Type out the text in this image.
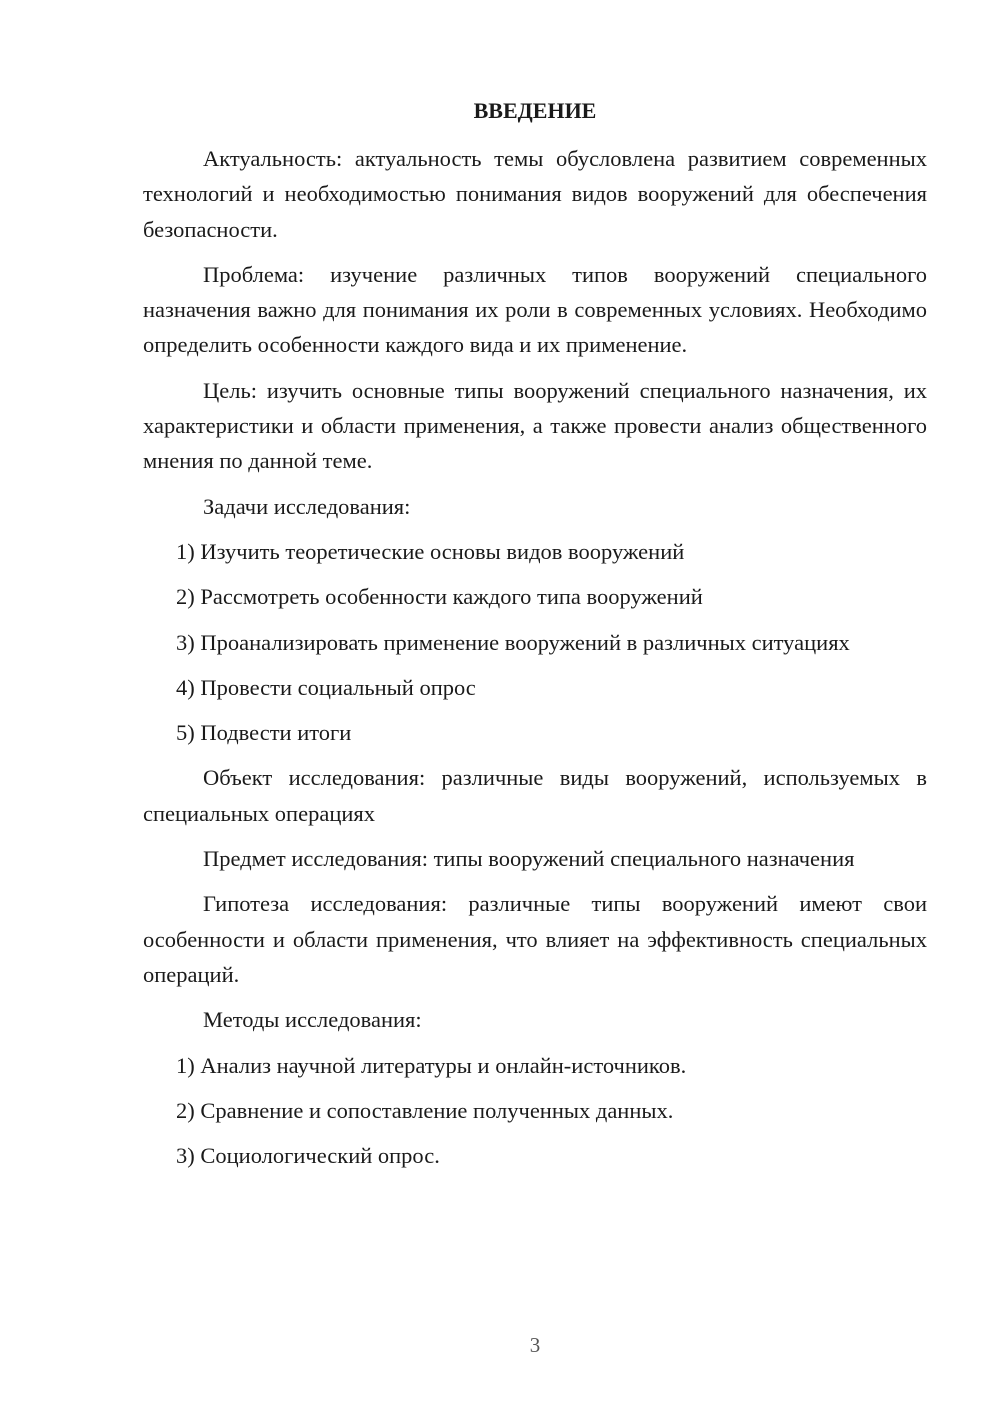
ВВЕДЕНИЕ

Актуальность: актуальность темы обусловлена развитием современных технологий и необходимостью понимания видов вооружений для обеспечения безопасности.

Проблема: изучение различных типов вооружений специального назначения важно для понимания их роли в современных условиях. Необходимо определить особенности каждого вида и их применение.

Цель: изучить основные типы вооружений специального назначения, их характеристики и области применения, а также провести анализ общественного мнения по данной теме.

Задачи исследования:

1) Изучить теоретические основы видов вооружений

2) Рассмотреть особенности каждого типа вооружений

3) Проанализировать применение вооружений в различных ситуациях

4) Провести социальный опрос

5) Подвести итоги

Объект исследования: различные виды вооружений, используемых в специальных операциях

Предмет исследования: типы вооружений специального назначения

Гипотеза исследования: различные типы вооружений имеют свои особенности и области применения, что влияет на эффективность специальных операций.

Методы исследования:

1) Анализ научной литературы и онлайн-источников.

2) Сравнение и сопоставление полученных данных.

3) Социологический опрос.

3
